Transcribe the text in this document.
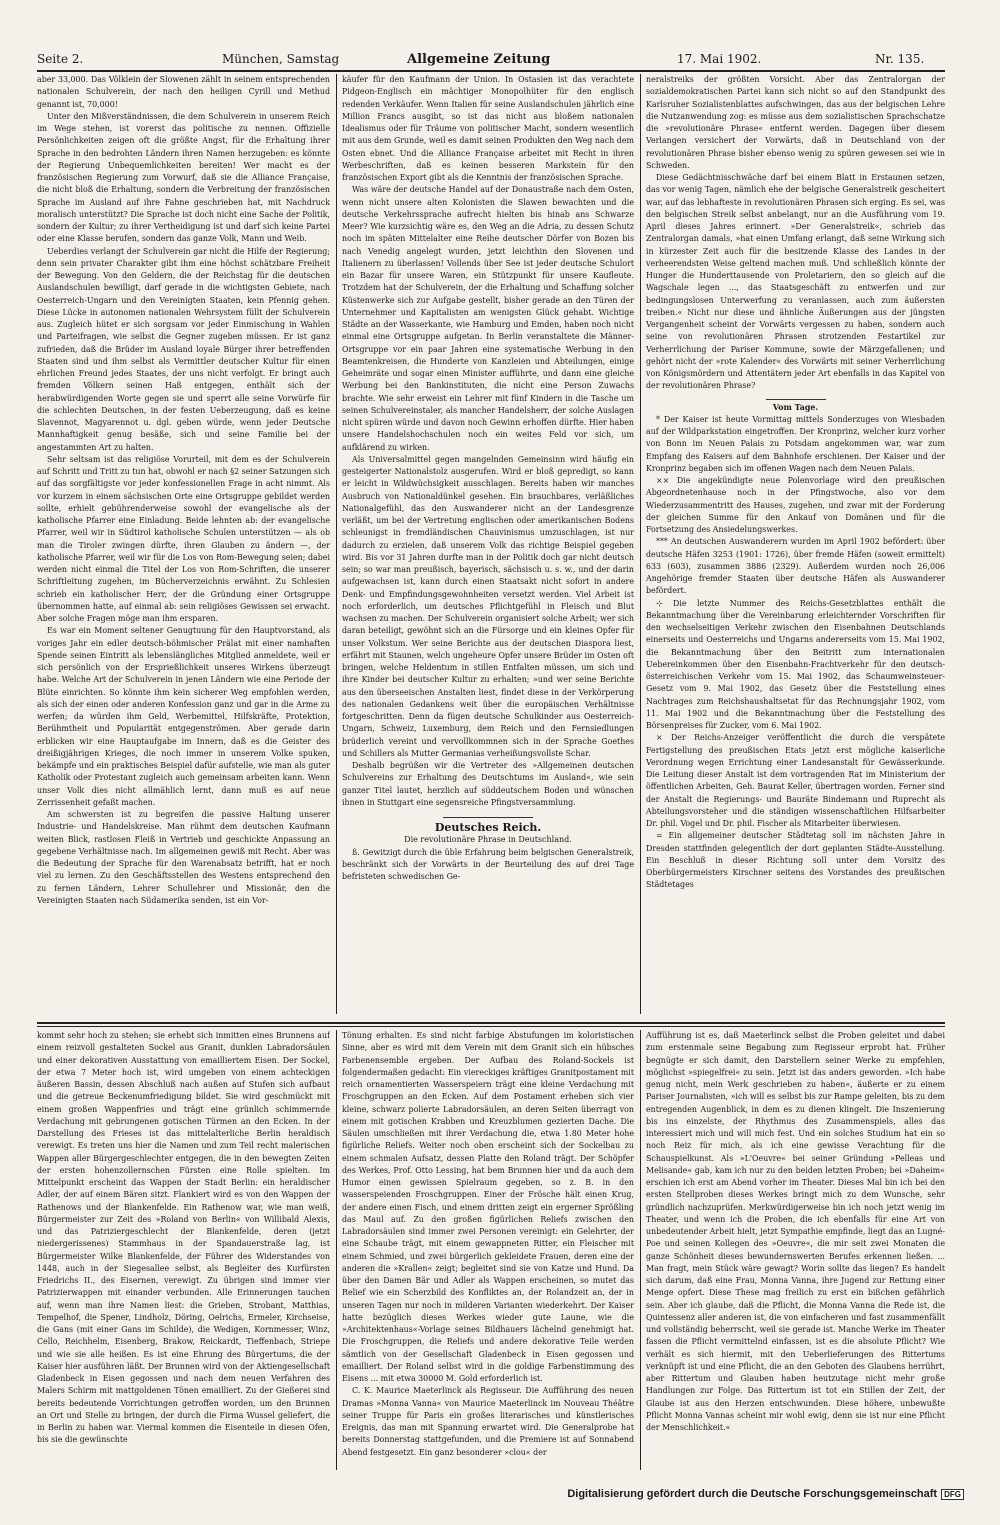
Seite 2.	München, Samstag	Allgemeine Zeitung	17. Mai 1902.	Nr. 135.

aber 33,000. Das Völklein der Slowenen zählt in seinem entsprechenden nationalen Schulverein, der nach den heiligen Cyrill und Methud genannt ist, 70,000!

Unter den Mißverständnissen, die dem Schulverein in unserem Reich im Wege stehen, ist vorerst das politische zu nennen. Offizielle Persönlichkeiten zeigen oft die größte Angst, für die Erhaltung ihrer Sprache in den bedrohten Ländern ihren Namen herzugeben: es könnte der Regierung Unbequemlichkeiten bereiten! Wer macht es der französischen Regierung zum Vorwurf, daß sie die Alliance Française, die nicht bloß die Erhaltung, sondern die Verbreitung der französischen Sprache im Ausland auf ihre Fahne geschrieben hat, mit Nachdruck moralisch unterstützt? Die Sprache ist doch nicht eine Sache der Politik, sondern der Kultur; zu ihrer Vertheidigung ist und darf sich keine Partei oder eine Klasse berufen, sondern das ganze Volk, Mann und Weib.

Ueberdies verlangt der Schulverein gar nicht die Hilfe der Regierung; denn sein privater Charakter gibt ihm eine höchst schätzbare Freiheit der Bewegung. Von den Geldern, die der Reichstag für die deutschen Auslandschulen bewilligt, darf gerade in die wichtigsten Gebiete, nach Oesterreich-Ungarn und den Vereinigten Staaten, kein Pfennig gehen. Diese Lücke in autonomen nationalen Wehrsystem füllt der Schulverein aus. Zugleich hütet er sich sorgsam vor jeder Einmischung in Wahlen und Parteifragen, wie selbst die Gegner zugeben müssen. Er ist ganz zufrieden, daß die Brüder im Ausland loyale Bürger ihrer betreffenden Staaten sind und ihm selbst als Vermittler deutscher Kultur für einen ehrlichen Freund jedes Staates, der uns nicht verfolgt. Er bringt auch fremden Völkern seinen Haß entgegen, enthält sich der herabwürdigenden Worte gegen sie und sperrt alle seine Vorwürfe für die schlechten Deutschen, in der festen Ueberzeugung, daß es keine Slavennot, Magyarennot u. dgl. geben würde, wenn jeder Deutsche Mannhaftigkeit genug besäße, sich und seine Familie bei der angestammten Art zu halten.

Sehr seltsam ist das religiöse Vorurteil, mit dem es der Schulverein auf Schritt und Tritt zu tun hat, obwohl er nach §2 seiner Satzungen sich auf das sorgfältigste vor jeder konfessionellen Frage in acht nimmt. Als vor kurzem in einem sächsischen Orte eine Ortsgruppe gebildet werden sollte, erhielt gebührenderweise sowohl der evangelische als der katholische Pfarrer eine Einladung. Beide lehnten ab: der evangelische Pfarrer, weil wir in Südtirol katholische Schulen unterstützen — als ob man die Tiroler zwingen dürfte, ihren Glauben zu ändern —, der katholische Pfarrer, weil wir für die Los von Rom-Bewegung seien; dabei werden nicht einmal die Titel der Los von Rom-Schriften, die unserer Schriftleitung zugehen, im Bücherverzeichnis erwähnt. Zu Schlesien schrieb ein katholischer Herr, der die Gründung einer Ortsgruppe übernommen hatte, auf einmal ab: sein religiöses Gewissen sei erwacht. Aber solche Fragen möge man ihm ersparen.

Es war ein Moment seltener Genugtuung für den Hauptvorstand, als voriges Jahr ein edler deutsch-böhmischer Prälat mit einer namhaften Spende seinen Eintritt als lebenslängliches Mitglied anmeldete, weil er sich persönlich von der Ersprießlichkeit unseres Wirkens überzeugt habe. Welche Art der Schulverein in jenen Ländern wie eine Periode der Blüte einrichten. So könnte ihm kein sicherer Weg empfohlen werden, als sich der einen oder anderen Konfession ganz und gar in die Arme zu werfen; da würden ihm Geld, Werbemittel, Hilfskräfte, Protektion, Berühmtheit und Popularität entgegenströmen. Aber gerade darin erblicken wir eine Hauptaufgabe im Innern, daß es die Geister des dreißigjährigen Krieges, die noch immer in unserem Volke spuken, bekämpfe und ein praktisches Beispiel dafür aufstelle, wie man als guter Katholik oder Protestant zugleich auch gemeinsam arbeiten kann. Wenn unser Volk dies nicht allmählich lernt, dann muß es auf neue Zerrissenheit gefaßt machen.

Am schwersten ist zu begreifen die passive Haltung unserer Industrie- und Handelskreise. Man rühmt dem deutschen Kaufmann weiten Blick, rastlosen Fleiß in Vertrieb und geschickte Anpassung an gegebene Verhältnisse nach. Im allgemeinen gewiß mit Recht. Aber was die Bedeutung der Sprache für den Warenabsatz betrifft, hat er noch viel zu lernen. Zu den Geschäftsstellen des Westens entsprechend den zu fernen Ländern, Lehrer Schullehrer und Missionär, den die Vereinigten Staaten nach Südamerika senden, ist ein Vor-

käufer für den Kaufmann der Union. In Ostasien ist das verachtete Pidgeon-Englisch ein mächtiger Monopolhüter für den englisch redenden Verkäufer. Wenn Italien für seine Auslandschulen jährlich eine Million Francs ausgibt, so ist das nicht aus bloßem nationalen Idealismus oder für Träume von politischer Macht, sondern wesentlich mit aus dem Grunde, weil es damit seinen Produkten den Weg nach dem Osten ebnet. Und die Alliance Française arbeitet mit Recht in ihren Werbeschriften, daß es keinen besseren Markstein für den französischen Export gibt als die Kenntnis der französischen Sprache.

Was wäre der deutsche Handel auf der Donaustraße nach dem Osten, wenn nicht unsere alten Kolonisten die Slawen bewachten und die deutsche Verkehrssprache aufrecht hielten bis hinab ans Schwarze Meer? Wie kurzsichtig wäre es, den Weg an die Adria, zu dessen Schutz noch im späten Mittelalter eine Reihe deutscher Dörfer von Bozen bis nach Venedig angelegt wurden, jetzt leichthin den Slovenen und Italienern zu überlassen! Vollends über See ist jeder deutsche Schulort ein Bazar für unsere Waren, ein Stützpunkt für unsere Kaufleute. Trotzdem hat der Schulverein, der die Erhaltung und Schaffung solcher Küstenwerke sich zur Aufgabe gestellt, bisher gerade an den Türen der Unternehmer und Kapitalisten am wenigsten Glück gehabt. Wichtige Städte an der Wasserkante, wie Hamburg und Emden, haben noch nicht einmal eine Ortsgruppe aufgetan. In Berlin veranstaltete die Männer-Ortsgruppe vor ein paar Jahren eine systematische Werbung in den Beamtenkreisen, die Hunderte von Kanzleien und Abteilungen, einige Geheimräte und sogar einen Minister aufführte, und dann eine gleiche Werbung bei den Bankinstituten, die nicht eine Person Zuwachs brachte. Wie sehr erweist ein Lehrer mit fünf Kindern in die Tasche um seinen Schulvereinstaler, als mancher Handelsherr, der solche Auslagen nicht spüren würde und davon noch Gewinn erhoffen dürfte. Hier haben unsere Handelshochschulen noch ein weites Feld vor sich, um aufklärend zu wirken.

Als Universalmittel gegen mangelnden Gemeinsinn wird häufig ein gesteigerter Nationalstolz ausgerufen. Wird er bloß gepredigt, so kann er leicht in Wildwüchsigkeit ausschlagen. Bereits haben wir manches Ausbruch von Nationaldünkel gesehen. Ein brauchbares, verläßliches Nationalgefühl, das den Auswanderer nicht an der Landesgrenze verläßt, um bei der Vertretung englischen oder amerikanischen Bodens schleunigst in fremdländischen Chauvinismus umzuschlagen, ist nur dadurch zu erzielen, daß unserem Volk das richtige Beispiel gegeben wird. Bis vor 31 Jahren durfte man in der Politik doch gar nicht deutsch sein; so war man preußisch, bayerisch, sächsisch u. s. w., und der darin aufgewachsen ist, kann durch einen Staatsakt nicht sofort in andere Denk- und Empfindungsgewohnheiten versetzt werden. Viel Arbeit ist noch erforderlich, um deutsches Pflichtgefühl in Fleisch und Blut wachsen zu machen. Der Schulverein organisiert solche Arbeit; wer sich daran beteiligt, gewöhnt sich an die Fürsorge und ein kleines Opfer für unser Volkstum. Wer seine Berichte aus der deutschen Diaspora liest, erfährt mit Staunen, welch ungeheure Opfer unsere Brüder im Osten oft bringen, welche Heldentum in stillen Entfalten müssen, um sich und ihre Kinder bei deutscher Kultur zu erhalten; »und wer seine Berichte aus den überseeischen Anstalten liest, findet diese in der Verkörperung des nationalen Gedankens weit über die europäischen Verhältnisse fortgeschritten. Denn da fügen deutsche Schulkinder aus Oesterreich-Ungarn, Schweiz, Luxemburg, dem Reich und den Fernsiedlungen brüderlich vereint und vervollkommnen sich in der Sprache Goethes und Schillers als Mutter Germanias verheißungsvollste Schar.

Deshalb begrüßen wir die Vertreter des »Allgemeinen deutschen Schulvereins zur Erhaltung des Deutschtums im Ausland«, wie sein ganzer Titel lautet, herzlich auf süddeutschem Boden und wünschen ihnen in Stuttgart eine segensreiche Pfingstversammlung.

Deutsches Reich.

Die revolutionäre Phrase in Deutschland.

ß. Gewitzigt durch die üble Erfahrung beim belgischen Generalstreik, beschränkt sich der Vorwärts in der Beurteilung des auf drei Tage befristeten schwedischen Ge-

neralstreiks der größten Vorsicht. Aber das Zentralorgan der sozialdemokratischen Partei kann sich nicht so auf den Standpunkt des Karlsruher Sozialistenblattes aufschwingen, das aus der belgischen Lehre die Nutzanwendung zog: es müsse aus dem sozialistischen Sprachschatze die »revolutionäre Phrase« entfernt werden. Dagegen über diesem Verlangen versichert der Vorwärts, daß in Deutschland von der revolutionären Phrase bisher ebenso wenig zu spüren gewesen sei wie in Schweden.

Diese Gedächtnisschwäche darf bei einem Blatt in Erstaunen setzen, das vor wenig Tagen, nämlich ehe der belgische Generalstreik gescheitert war, auf das lebhafteste in revolutionären Phrasen sich erging. Es sei, was den belgischen Streik selbst anbelangt, nur an die Ausführung vom 19. April dieses Jahres erinnert. »Der Generalstreik«, schrieb das Zentralorgan damals, »hat einen Umfang erlangt, daß seine Wirkung sich in kürzester Zeit auch für die besitzende Klasse des Landes in der verheerendsten Weise geltend machen muß. Und schließlich könnte der Hunger die Hunderttausende von Proletariern, den so gleich auf die Wagschale legen ..., das Staatsgeschäft zu entwerfen und zur bedingungslosen Unterwerfung zu veranlassen, auch zum äußersten treiben.« Nicht nur diese und ähnliche Äußerungen aus der jüngsten Vergangenheit scheint der Vorwärts vergessen zu haben, sondern auch seine von revolutionären Phrasen strotzenden Festartikel zur Verherrlichung der Pariser Kommune, sowie der Märzgefallenen; und gehört nicht der »rote Kalender« des Vorwärts mit seiner Verherrlichung von Königsmördern und Attentätern jeder Art ebenfalls in das Kapitel von der revolutionären Phrase?

Vom Tage.

* Der Kaiser ist heute Vormittag mittels Sonderzuges von Wiesbaden auf der Wildparkstation eingetroffen. Der Kronprinz, welcher kurz vorher von Bonn im Neuen Palais zu Potsdam angekommen war, war zum Empfang des Kaisers auf dem Bahnhofe erschienen. Der Kaiser und der Kronprinz begaben sich im offenen Wagen nach dem Neuen Palais.

⨯⨯ Die angekündigte neue Polenvorlage wird den preußischen Abgeordnetenhause noch in der Pfingstwoche, also vor dem Wiederzusammentritt des Hauses, zugehen, und zwar mit der Forderung der gleichen Summe für den Ankauf von Domänen und für die Fortsetzung des Ansiedelungswerkes.

*** An deutschen Auswanderern wurden im April 1902 befördert: über deutsche Häfen 3253 (1901: 1726), über fremde Häfen (soweit ermittelt) 633 (603), zusammen 3886 (2329). Außerdem wurden noch 26,006 Angehörige fremder Staaten über deutsche Häfen als Auswanderer befördert.

⊹ Die letzte Nummer des Reichs-Gesetzblattes enthält die Bekanntmachung über die Vereinbarung erleichternder Vorschriften für den wechselseitigen Verkehr zwischen den Eisenbahnen Deutschlands einerseits und Oesterreichs und Ungarns andererseits vom 15. Mai 1902, die Bekanntmachung über den Beitritt zum internationalen Uebereinkommen über den Eisenbahn-Frachtverkehr für den deutsch-österreichischen Verkehr vom 15. Mai 1902, das Schaumweinsteuer-Gesetz vom 9. Mai 1902, das Gesetz über die Feststellung eines Nachtrages zum Reichshaushaltsetat für das Rechnungsjahr 1902, vom 11. Mai 1902 und die Bekanntmachung über die Feststellung des Börsenpreises für Zucker, vom 6. Mai 1902.

⨯ Der Reichs-Anzeiger veröffentlicht die durch die verspätete Fertigstellung des preußischen Etats jetzt erst mögliche kaiserliche Verordnung wegen Errichtung einer Landesanstalt für Gewässerkunde. Die Leitung dieser Anstalt ist dem vortragenden Rat im Ministerium der öffentlichen Arbeiten, Geh. Baurat Keller, übertragen worden. Ferner sind der Anstalt die Regierungs- und Bauräte Bindemann und Ruprecht als Abteilungsvorsteher und die ständigen wissenschaftlichen Hilfsarbeiter Dr. phil. Vogel und Dr. phil. Fischer als Mitarbeiter überwiesen.

= Ein allgemeiner deutscher Städtetag soll im nächsten Jahre in Dresden stattfinden gelegentlich der dort geplanten Städte-Ausstellung. Ein Beschluß in dieser Richtung soll unter dem Vorsitz des Oberbürgermeisters Kirschner seitens des Vorstandes des preußischen Städtetages

kommt sehr hoch zu stehen; sie erhebt sich inmitten eines Brunnens auf einem reizvoll gestalteten Sockel aus Granit, dunklen Labradorsäulen und einer dekorativen Ausstattung von emailliertem Eisen. Der Sockel, der etwa 7 Meter hoch ist, wird umgeben von einem achteckigen äußeren Bassin, dessen Abschluß nach außen auf Stufen sich aufbaut und die getreue Beckenumfriedigung bildet. Sie wird geschmückt mit einem großen Wappenfries und trägt eine grünlich schimmernde Verdachung mit gebrungenen gotischen Türmen an den Ecken. In der Darstellung des Frieses ist das mittelalterliche Berlin heraldisch verewigt. Es treten uns hier die Namen und zum Teil recht malerischen Wappen aller Bürgergeschlechter entgegen, die in den bewegten Zeiten der ersten hohenzollernschen Fürsten eine Rolle spielten. Im Mittelpunkt erscheint das Wappen der Stadt Berlin: ein heraldischer Adler, der auf einem Bären sitzt. Flankiert wird es von den Wappen der Rathenows und der Blankenfelde. Ein Rathenow war, wie man weiß, Bürgermeister zur Zeit des »Roland von Berlin« von Willibald Alexis, und das Patriziergeschlecht der Blankenfelde, deren (jetzt niedergerissenes) Stammhaus in der Spandauerstraße lag, ist Bürgermeister Wilke Blankenfelde, der Führer des Widerstandes von 1448, auch in der Siegesallee selbst, als Begleiter des Kurfürsten Friedrichs II., des Eisernen, verewigt. Zu übrigen sind immer vier Patrizierwappen mit einander verbunden. Alle Erinnerungen tauchen auf, wenn man ihre Namen liest: die Grieben, Strobant, Matthias, Tempelhof, die Spener, Lindholz, Döring, Oelrichs, Ermeler, Kirchseise, die Gans (mit einer Gans im Schilde), die Wedigen, Kornmesser, Winz, Cello, Reichhelm, Eisenberg, Brakow, Reickardt, Tieffenbach, Striepe und wie sie alle heißen. Es ist eine Ehrung des Bürgertums, die der Kaiser hier ausführen läßt. Der Brunnen wird von der Aktiengesellschaft Gladenbeck in Eisen gegossen und nach dem neuen Verfahren des Malers Schirm mit mattgoldenen Tönen emailliert. Zu der Gießerei sind bereits bedeutende Vorrichtungen getroffen worden, um den Brunnen an Ort und Stelle zu bringen, der durch die Firma Wussel geliefert, die in Berlin zu haben war. Viermal kommen die Eisenteile in diesen Ofen, bis sie die gewünschte

Tönung erhalten. Es sind nicht farbige Abstufungen im koloristischen Sinne, aber es wird mit dem Verein mit dem Granit sich ein hübsches Farbenensemble ergeben. Der Aufbau des Roland-Sockels ist folgendermaßen gedacht: Ein viereckiges kräftiges Granitpostament mit reich ornamentierten Wasserspeiern trägt eine kleine Verdachung mit Froschgruppen an den Ecken. Auf dem Postament erheben sich vier kleine, schwarz polierte Labradorsäulen, an deren Seiten überragt von einem mit gotischen Krabben und Kreuzblumen gezierten Dache. Die Säulen umschließen mit ihrer Verdachung die, etwa 1.80 Meter hohe figürliche Reliefs. Weiter noch oben erscheint sich der Sockelbau zu einem schmalen Aufsatz, dessen Platte den Roland trägt. Der Schöpfer des Werkes, Prof. Otto Lessing, hat bem Brunnen hier und da auch dem Humor einen gewissen Spielraum gegeben, so z. B. in den wasserspeienden Froschgruppen. Einer der Frösche hält einen Krug, der andere einen Fisch, und einem dritten zeigt ein ergerner Sprößling das Maul auf. Zu den großen figürlichen Reliefs zwischen den Labradorsäulen sind immer zwei Personen vereinigt: ein Gelehrter, der eine Schaube trägt, mit einem gewappneten Ritter, ein Fleischer mit einem Schmied, und zwei bürgerlich gekleidete Frauen, deren eine der anderen die »Krallen« zeigt; begleitet sind sie von Katze und Hund. Da über den Damen Bär und Adler als Wappen erscheinen, so mutet das Relief wie ein Scherzbild des Konfliktes an, der Rolandzeit an, der in unseren Tagen nur noch in milderen Varianten wiederkehrt. Der Kaiser hatte bezüglich dieses Werkes wieder gute Laune, wie die »Architektenhaus«-Vorlage seines Bildhauers lächelnd genehmigt hat. Die Froschgruppen, die Reliefs und andere dekorative Teile werden sämtlich von der Gesellschaft Gladenbeck in Eisen gegossen und emailliert. Der Roland selbst wird in die goldige Farbenstimmung des Eisens ... mit etwa 30000 M. Gold erforderlich ist.

C. K. Maurice Maeterlinck als Regisseur. Die Aufführung des neuen Dramas »Monna Vanna« von Maurice Maeterlinck im Nouveau Théâtre seiner Truppe für Paris ein großes literarisches und künstlerisches Ereignis, das man mit Spannung erwartet wird. Die Generalprobe hat bereits Donnerstag stattgefunden, und die Premiere ist auf Sonnabend Abend festgesetzt. Ein ganz besonderer »clou« der

Aufführung ist es, daß Maeterlinck selbst die Proben geleitet und dabei zum erstenmale seine Begabung zum Regisseur erprobt hat. Früher begnügte er sich damit, den Darstellern seiner Werke zu empfehlen, möglichst »spiegelfrei« zu sein. Jetzt ist das anders geworden. »Ich habe genug nicht, mein Werk geschrieben zu haben«, äußerte er zu einem Pariser Journalisten, »ich will es selbst bis zur Rampe geleiten, bis zu dem entregenden Augenblick, in dem es zu dienen klingelt. Die Inszenierung bis ins einzelste, der Rhythmus des Zusammenspiels, alles das interessiert mich und will mich fest. Und ein solches Studium hat ein so noch Reiz für mich, als ich eine gewisse Verachtung für die Schauspielkunst. Als »L'Oeuvre« bei seiner Gründung »Pelleas und Melisande« gab, kam ich nur zu den beiden letzten Proben; bei »Daheim« erschien ich erst am Abend vorher im Theater. Dieses Mal bin ich bei den ersten Stellproben dieses Werkes bringt mich zu dem Wunsche, sehr gründlich nachzuprüfen. Merkwürdigerweise bin ich noch jetzt wenig im Theater, und wenn ich die Proben, die ich ebenfalls für eine Art von unbedeutender Arbeit hielt, jetzt Sympathie empfinde, liegt das an Lugné-Poe und seinen Kollegen des »Oeuvre«, die mir seit zwei Monaten die ganze Schönheit dieses bewundernswerten Berufes erkennen ließen. ... Man fragt, mein Stück wäre gewagt? Worin sollte das liegen? Es handelt sich darum, daß eine Frau, Monna Vanna, ihre Jugend zur Rettung einer Menge opfert. Diese These mag freilich zu erst ein bißchen gefährlich sein. Aber ich glaube, daß die Pflicht, die Monna Vanna die Rede ist, die Quintessenz aller anderen ist, die von einfacheren und fast zusammenfällt und vollständig beherrscht, weil sie gerade ist. Manche Werke im Theater fassen die Pflicht vermittelnd einfassen, ist es die absolute Pflicht? Wie verhält es sich hiermit, mit den Ueberlieferungen des Rittertums verknüpft ist und eine Pflicht, die an den Geboten des Glaubens herrührt, aber Rittertum und Glauben haben heutzutage nicht mehr große Handlungen zur Folge. Das Rittertum ist tot ein Stillen der Zeit, der Glaube ist aus den Herzen entschwunden. Diese höhere, unbewußte Pflicht Monna Vannas scheint mir wohl ewig, denn sie ist nur eine Pflicht der Menschlichkeit.«

Digitalisierung gefördert durch die Deutsche Forschungsgemeinschaft DFG
